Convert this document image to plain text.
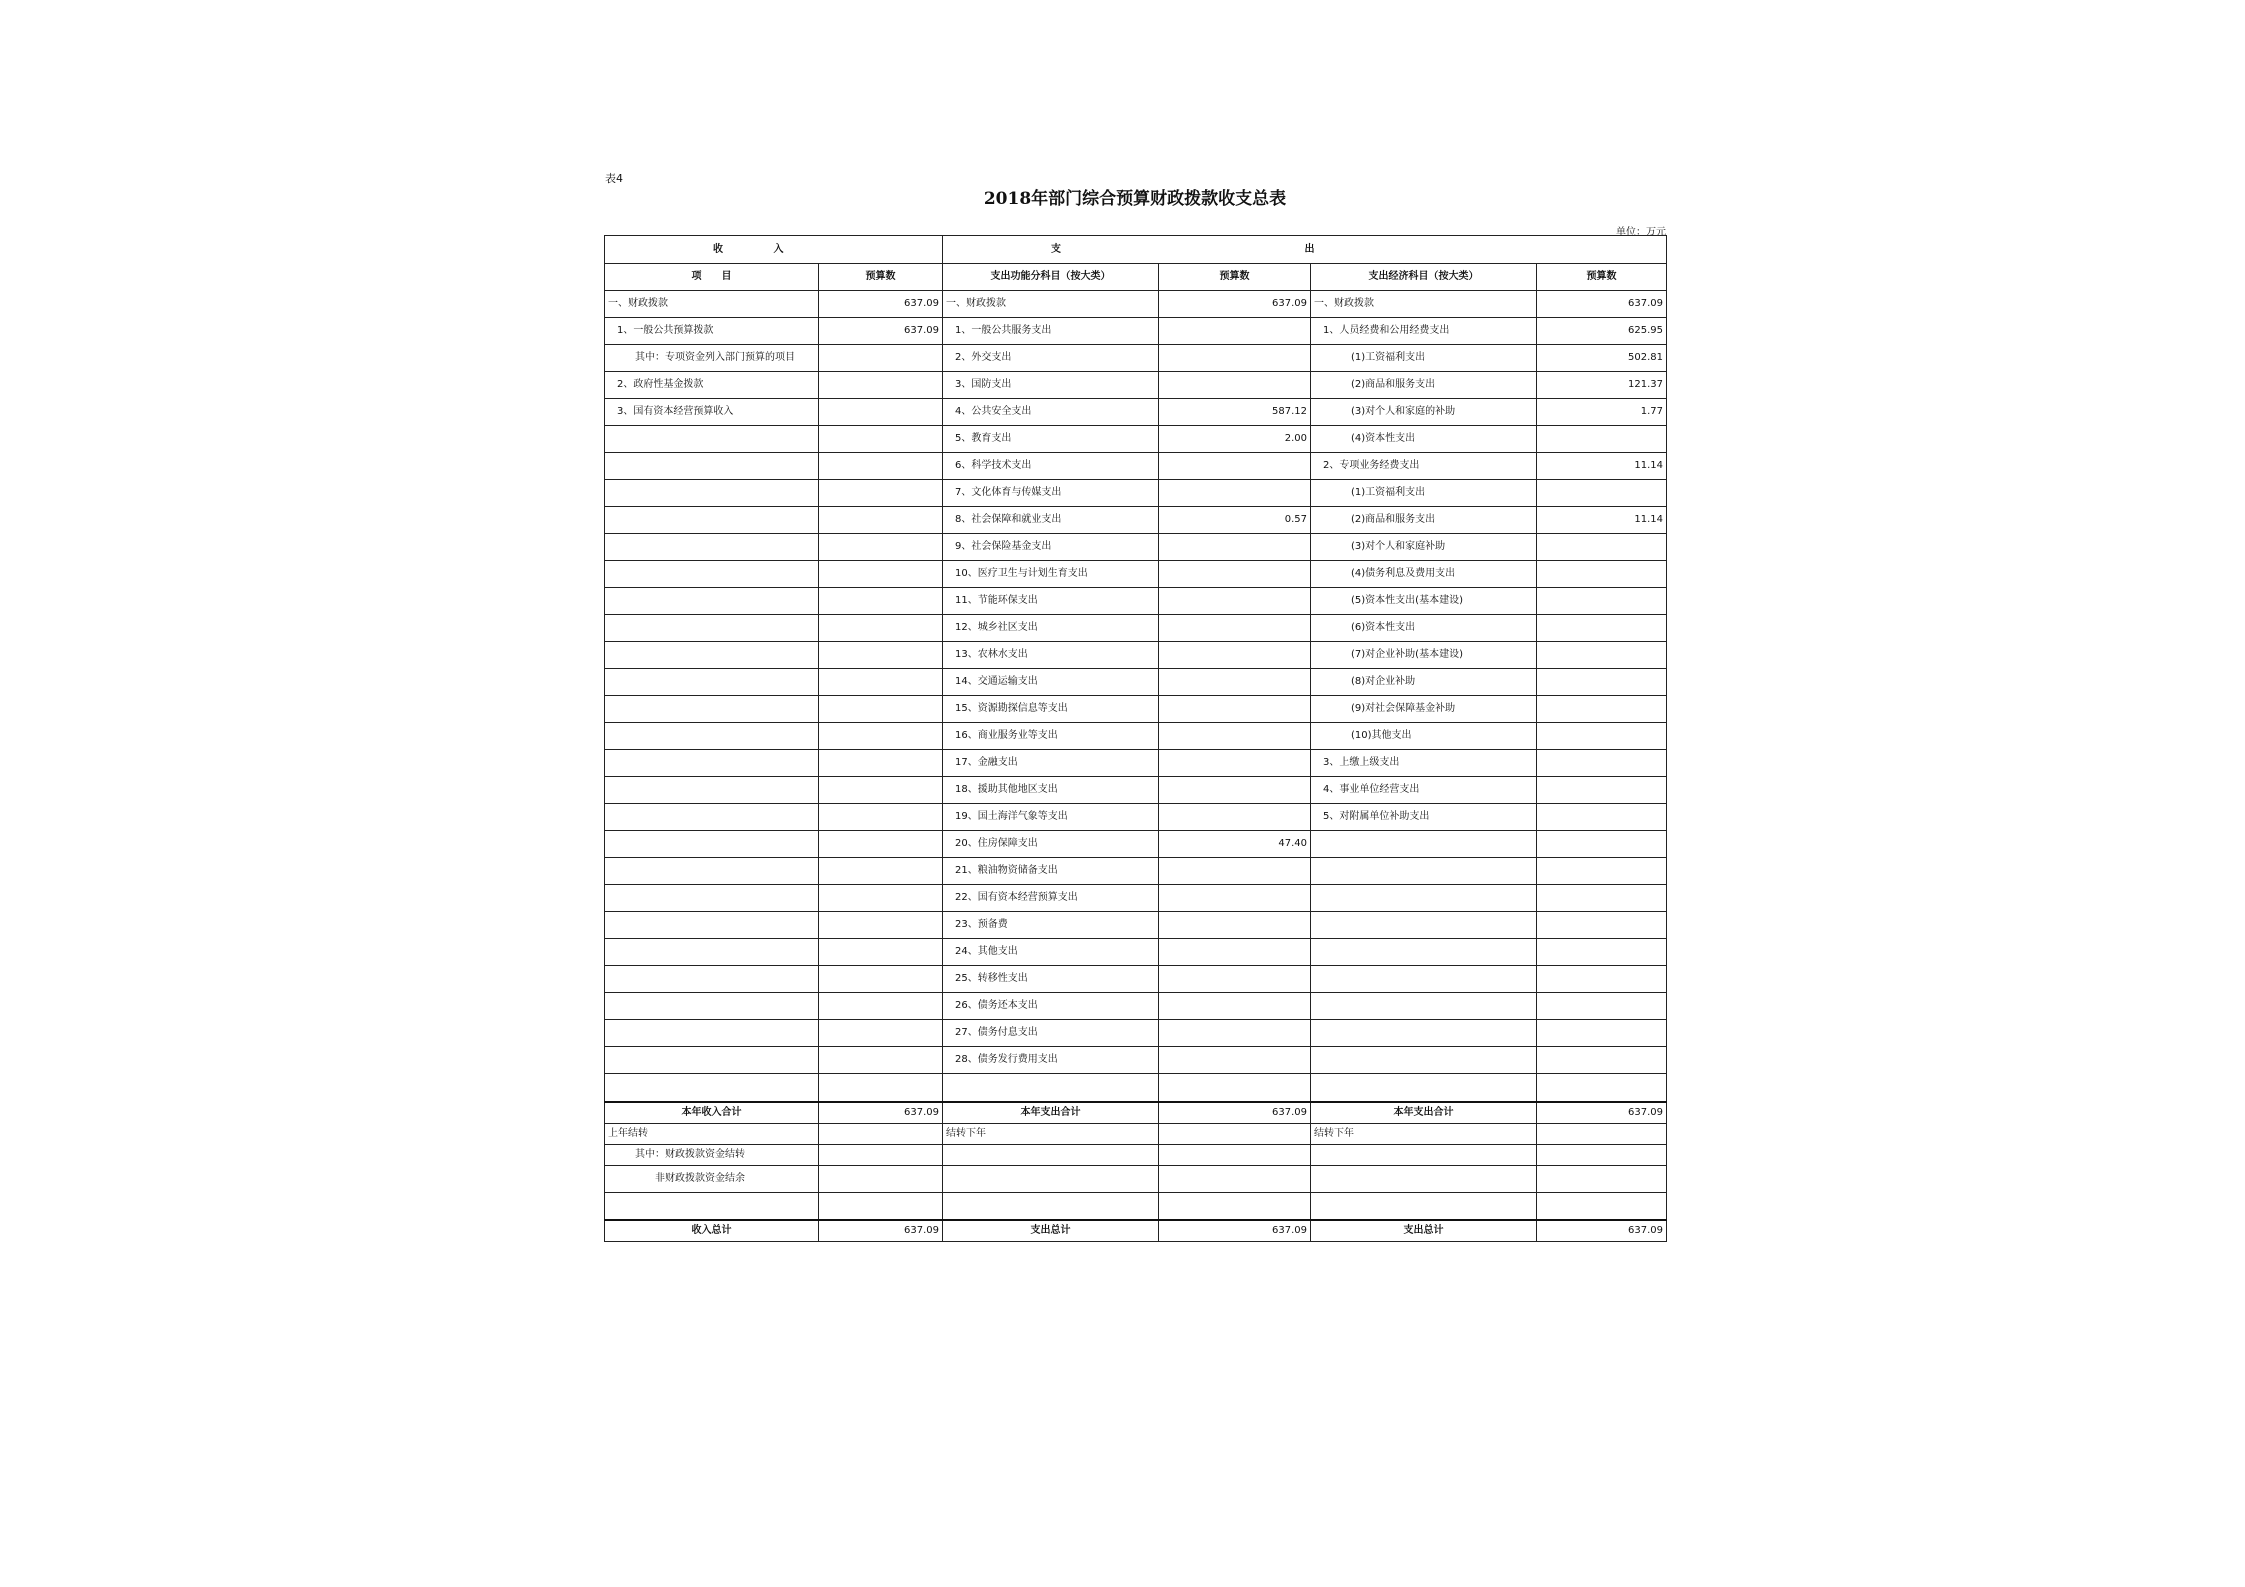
表4
2018年部门综合预算财政拨款收支总表
单位：万元
收 入		支 出			
项　　目	预算数	支出功能分科目（按大类）	预算数	支出经济科目（按大类）	预算数
一、财政拨款	637.09	一、财政拨款	637.09	一、财政拨款	637.09
1、一般公共预算拨款	637.09	1、一般公共服务支出		1、人员经费和公用经费支出	625.95
其中：专项资金列入部门预算的项目		2、外交支出		(1)工资福利支出	502.81
2、政府性基金拨款		3、国防支出		(2)商品和服务支出	121.37
3、国有资本经营预算收入		4、公共安全支出	587.12	(3)对个人和家庭的补助	1.77
		5、教育支出	2.00	(4)资本性支出	
		6、科学技术支出		2、专项业务经费支出	11.14
		7、文化体育与传媒支出		(1)工资福利支出	
		8、社会保障和就业支出	0.57	(2)商品和服务支出	11.14
		9、社会保险基金支出		(3)对个人和家庭补助	
		10、医疗卫生与计划生育支出		(4)债务利息及费用支出	
		11、节能环保支出		(5)资本性支出(基本建设)	
		12、城乡社区支出		(6)资本性支出	
		13、农林水支出		(7)对企业补助(基本建设)	
		14、交通运输支出		(8)对企业补助	
		15、资源勘探信息等支出		(9)对社会保障基金补助	
		16、商业服务业等支出		(10)其他支出	
		17、金融支出		3、上缴上级支出	
		18、援助其他地区支出		4、事业单位经营支出	
		19、国土海洋气象等支出		5、对附属单位补助支出	
		20、住房保障支出	47.40		
		21、粮油物资储备支出			
		22、国有资本经营预算支出			
		23、预备费			
		24、其他支出			
		25、转移性支出			
		26、债务还本支出			
		27、债务付息支出			
		28、债务发行费用支出			

本年收入合计	637.09	本年支出合计	637.09	本年支出合计	637.09
上年结转		结转下年		结转下年	
其中：财政拨款资金结转					
非财政拨款资金结余					

收入总计	637.09	支出总计	637.09	支出总计	637.09
